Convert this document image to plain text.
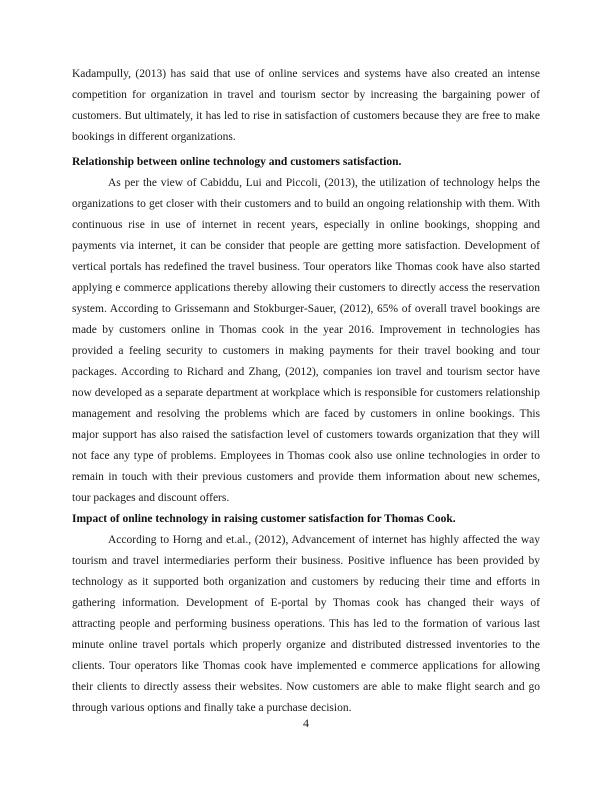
Kadampully, (2013) has said that use of online services and systems have also created an intense competition for organization in travel and tourism sector by increasing the bargaining power of customers. But ultimately, it has led to rise in satisfaction of customers because they are free to make bookings in different organizations.

Relationship between online technology and customers satisfaction.

As per the view of Cabiddu, Lui and Piccoli, (2013), the utilization of technology helps the organizations to get closer with their customers and to build an ongoing relationship with them. With continuous rise in use of internet in recent years, especially in online bookings, shopping and payments via internet, it can be consider that people are getting more satisfaction. Development of vertical portals has redefined the travel business. Tour operators like Thomas cook have also started applying e commerce applications thereby allowing their customers to directly access the reservation system. According to Grissemann and Stokburger-Sauer, (2012), 65% of overall travel bookings are made by customers online in Thomas cook in the year 2016. Improvement in technologies has provided a feeling security to customers in making payments for their travel booking and tour packages. According to Richard and Zhang, (2012), companies ion travel and tourism sector have now developed as a separate department at workplace which is responsible for customers relationship management and resolving the problems which are faced by customers in online bookings. This major support has also raised the satisfaction level of customers towards organization that they will not face any type of problems. Employees in Thomas cook also use online technologies in order to remain in touch with their previous customers and provide them information about new schemes, tour packages and discount offers.

Impact of online technology in raising customer satisfaction for Thomas Cook.

According to Horng and et.al., (2012), Advancement of internet has highly affected the way tourism and travel intermediaries perform their business. Positive influence has been provided by technology as it supported both organization and customers by reducing their time and efforts in gathering information. Development of E-portal by Thomas cook has changed their ways of attracting people and performing business operations. This has led to the formation of various last minute online travel portals which properly organize and distributed distressed inventories to the clients. Tour operators like Thomas cook have implemented e commerce applications for allowing their clients to directly assess their websites. Now customers are able to make flight search and go through various options and finally take a purchase decision.

4
